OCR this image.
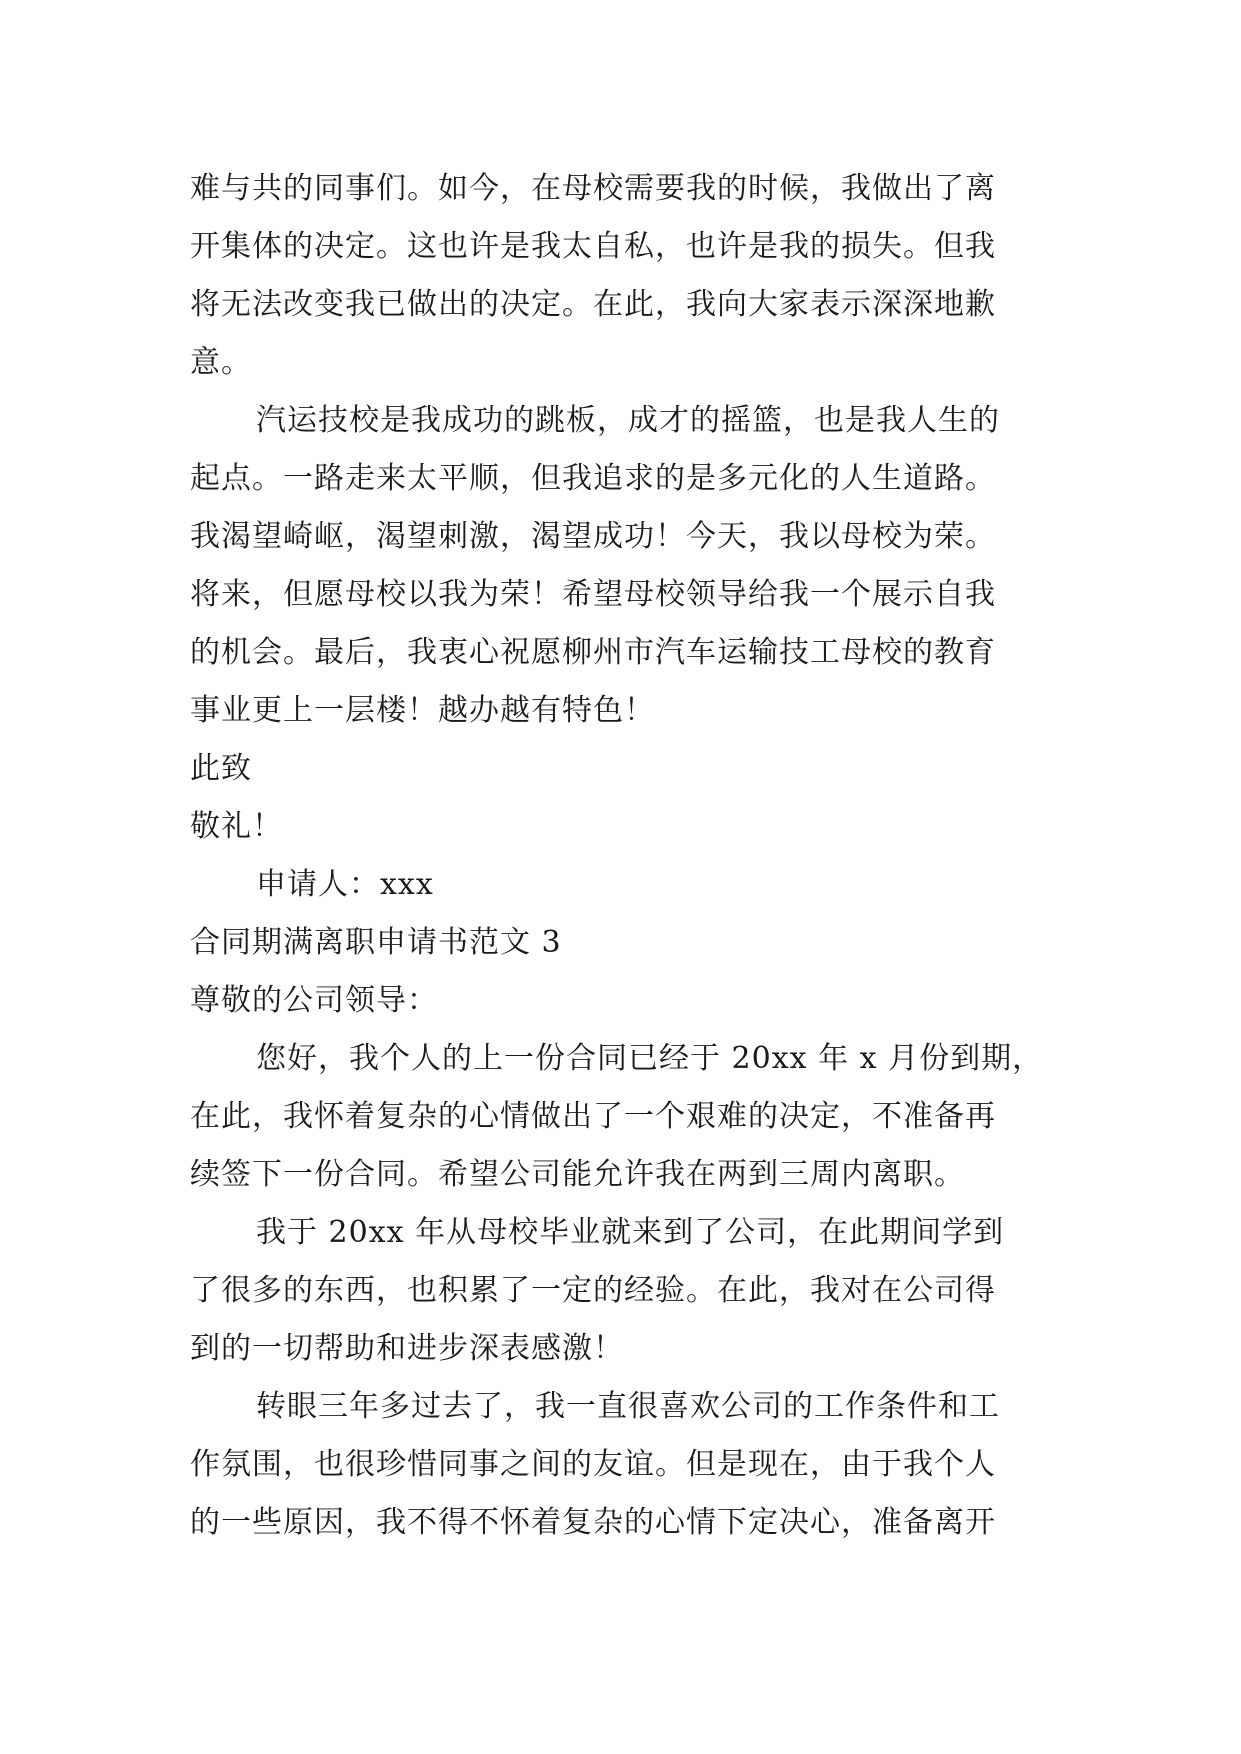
难与共的同事们。如今，在母校需要我的时候，我做出了离
开集体的决定。这也许是我太自私，也许是我的损失。但我
将无法改变我已做出的决定。在此，我向大家表示深深地歉
意。
汽运技校是我成功的跳板，成才的摇篮，也是我人生的
起点。一路走来太平顺，但我追求的是多元化的人生道路。
我渴望崎岖，渴望刺激，渴望成功！今天，我以母校为荣。
将来，但愿母校以我为荣！希望母校领导给我一个展示自我
的机会。最后，我衷心祝愿柳州市汽车运输技工母校的教育
事业更上一层楼！越办越有特色！
此致
敬礼！
申请人：xxx
合同期满离职申请书范文 3
尊敬的公司领导：
您好，我个人的上一份合同已经于 20xx 年 x 月份到期，
在此，我怀着复杂的心情做出了一个艰难的决定，不准备再
续签下一份合同。希望公司能允许我在两到三周内离职。
我于 20xx 年从母校毕业就来到了公司，在此期间学到
了很多的东西，也积累了一定的经验。在此，我对在公司得
到的一切帮助和进步深表感激！
转眼三年多过去了，我一直很喜欢公司的工作条件和工
作氛围，也很珍惜同事之间的友谊。但是现在，由于我个人
的一些原因，我不得不怀着复杂的心情下定决心，准备离开
